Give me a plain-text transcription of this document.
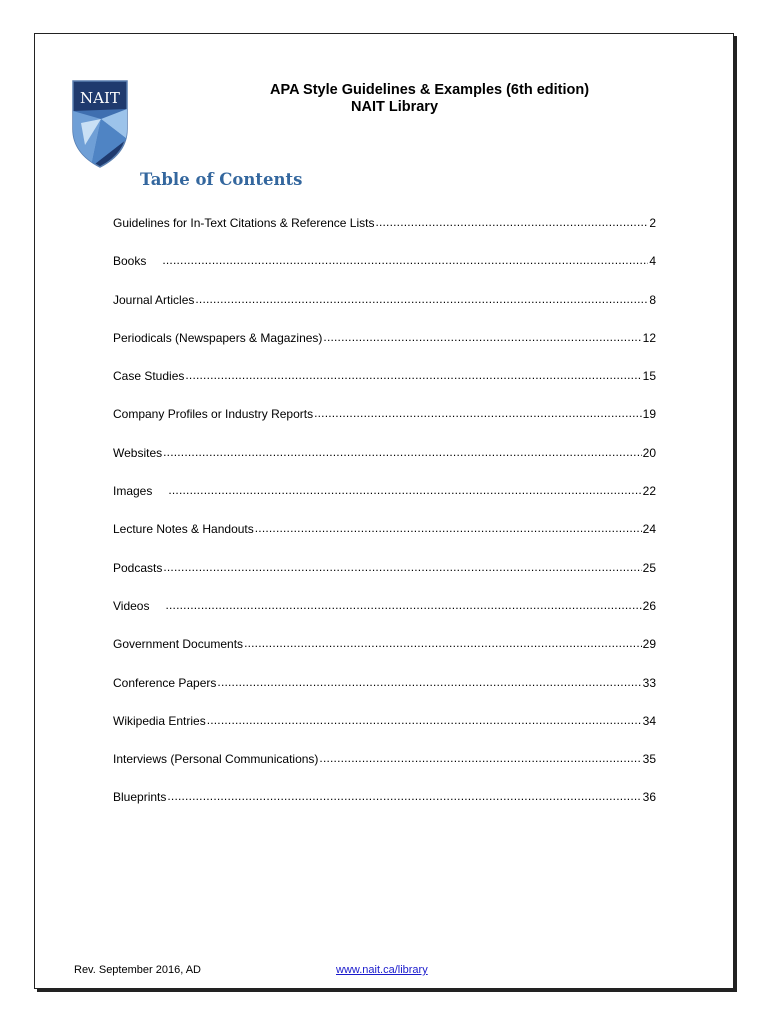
NAIT	APA Style Guidelines & Examples (6th edition)
NAIT Library
Table of Contents
Guidelines for In-Text Citations & Reference Lists .....	2
Books .....	4
Journal Articles .....	8
Periodicals (Newspapers & Magazines) .....	12
Case Studies .....	15
Company Profiles or Industry Reports .....	19
Websites .....	20
Images .....	22
Lecture Notes & Handouts .....	24
Podcasts .....	25
Videos .....	26
Government Documents .....	29
Conference Papers .....	33
Wikipedia Entries .....	34
Interviews (Personal Communications) .....	35
Blueprints .....	36
Rev. September 2016, AD	www.nait.ca/library
